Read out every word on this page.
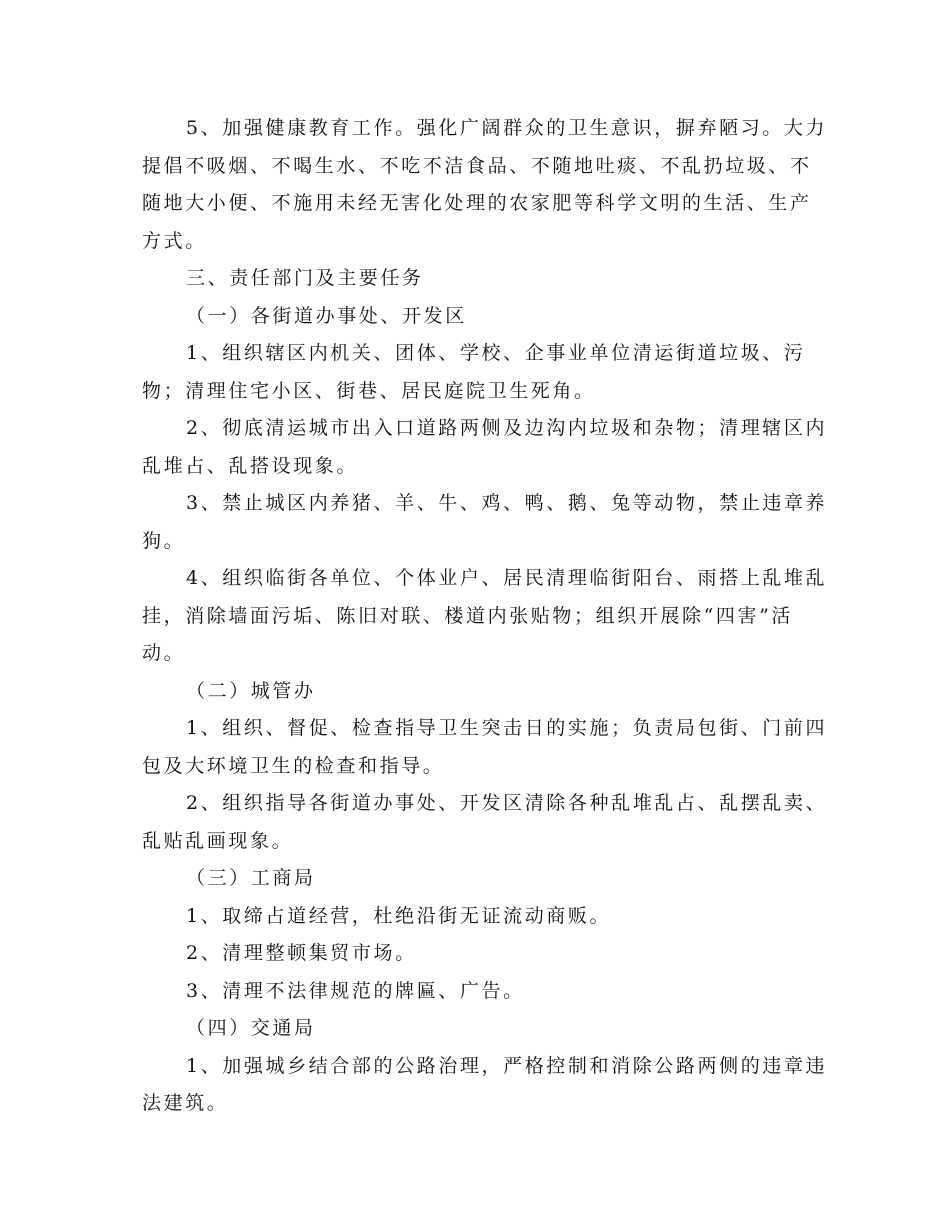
5、加强健康教育工作。强化广阔群众的卫生意识，摒弃陋习。大力提倡不吸烟、不喝生水、不吃不洁食品、不随地吐痰、不乱扔垃圾、不随地大小便、不施用未经无害化处理的农家肥等科学文明的生活、生产方式。

三、责任部门及主要任务

（一）各街道办事处、开发区

1、组织辖区内机关、团体、学校、企事业单位清运街道垃圾、污物；清理住宅小区、街巷、居民庭院卫生死角。

2、彻底清运城市出入口道路两侧及边沟内垃圾和杂物；清理辖区内乱堆占、乱搭设现象。

3、禁止城区内养猪、羊、牛、鸡、鸭、鹅、兔等动物，禁止违章养狗。

4、组织临街各单位、个体业户、居民清理临街阳台、雨搭上乱堆乱挂，消除墙面污垢、陈旧对联、楼道内张贴物；组织开展除“四害”活动。

（二）城管办

1、组织、督促、检查指导卫生突击日的实施；负责局包街、门前四包及大环境卫生的检查和指导。

2、组织指导各街道办事处、开发区清除各种乱堆乱占、乱摆乱卖、乱贴乱画现象。

（三）工商局

1、取缔占道经营，杜绝沿街无证流动商贩。

2、清理整顿集贸市场。

3、清理不法律规范的牌匾、广告。

（四）交通局

1、加强城乡结合部的公路治理，严格控制和消除公路两侧的违章违法建筑。
